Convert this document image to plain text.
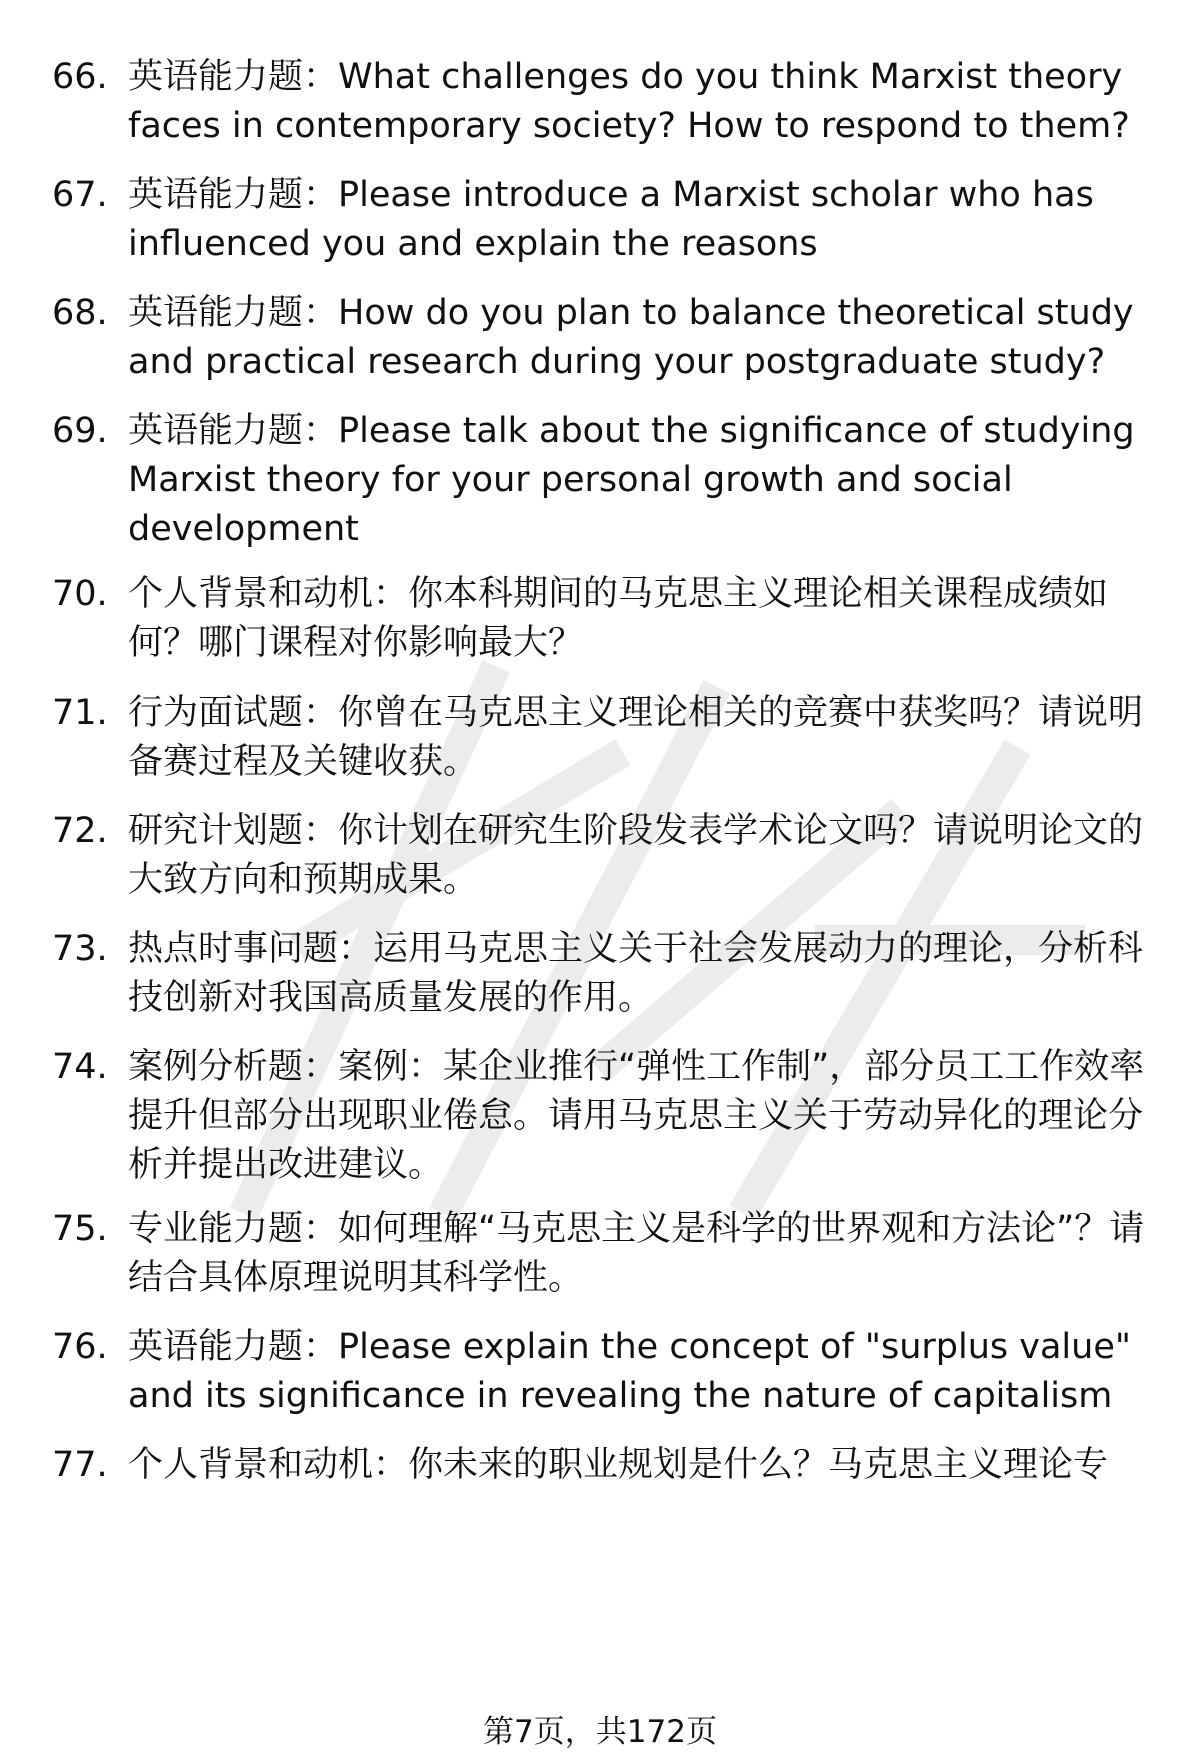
66. 英语能力题：What challenges do you think Marxist theory faces in contemporary society? How to respond to them?

67. 英语能力题：Please introduce a Marxist scholar who has influenced you and explain the reasons

68. 英语能力题：How do you plan to balance theoretical study and practical research during your postgraduate study?

69. 英语能力题：Please talk about the significance of studying Marxist theory for your personal growth and social development

70. 个人背景和动机：你本科期间的马克思主义理论相关课程成绩如何？哪门课程对你影响最大？

71. 行为面试题：你曾在马克思主义理论相关的竞赛中获奖吗？请说明备赛过程及关键收获。

72. 研究计划题：你计划在研究生阶段发表学术论文吗？请说明论文的大致方向和预期成果。

73. 热点时事问题：运用马克思主义关于社会发展动力的理论，分析科技创新对我国高质量发展的作用。

74. 案例分析题：案例：某企业推行“弹性工作制”，部分员工工作效率提升但部分出现职业倦怠。请用马克思主义关于劳动异化的理论分析并提出改进建议。

75. 专业能力题：如何理解“马克思主义是科学的世界观和方法论”？请结合具体原理说明其科学性。

76. 英语能力题：Please explain the concept of "surplus value" and its significance in revealing the nature of capitalism

77. 个人背景和动机：你未来的职业规划是什么？马克思主义理论专

第7页，共172页
